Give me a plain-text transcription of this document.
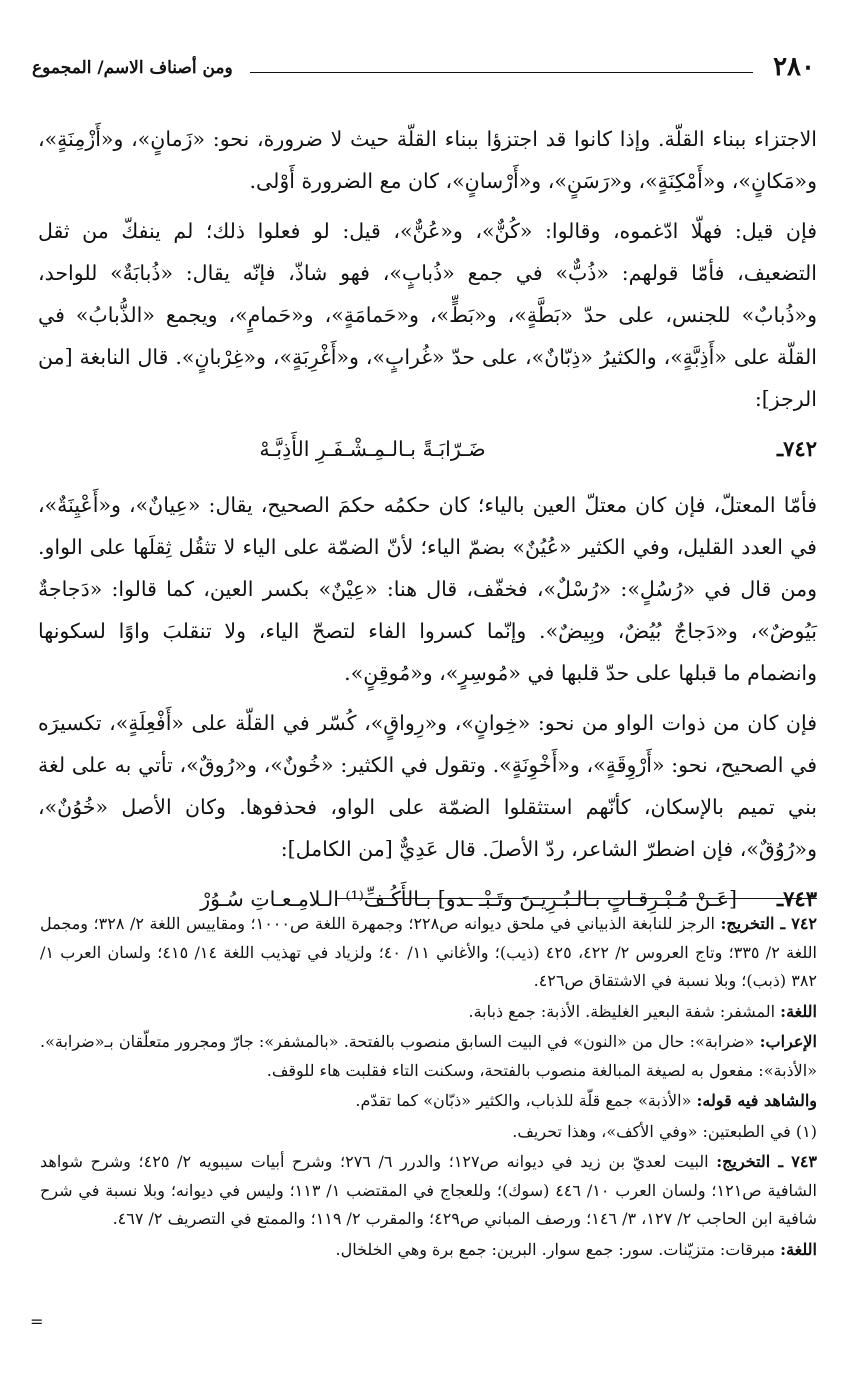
٢٨٠
ومن أصناف الاسم/ المجموع

الاجتزاء ببناء القلّة. وإذا كانوا قد اجتزؤا ببناء القلّة حيث لا ضرورة، نحو: «زَمانٍ»، و«أَزْمِنَةٍ»، و«مَكانٍ»، و«أَمْكِنَةٍ»، و«رَسَنٍ»، و«أَرْسانٍ»، كان مع الضرورة أَوْلى.

فإن قيل: فهلّا ادّغموه، وقالوا: «كُنٌّ»، و«عُنٌّ»، قيل: لو فعلوا ذلك؛ لم ينفكّ من ثقل التضعيف، فأمّا قولهم: «ذُبٌّ» في جمع «ذُبابٍ»، فهو شاذّ، فإنّه يقال: «ذُبابَةٌ» للواحد، و«ذُبابٌ» للجنس، على حدّ «بَطَّةٍ»، و«بَطٍّ»، و«حَمامَةٍ»، و«حَمامٍ»، ويجمع «الذُّبابُ» في القلّة على «أَذِبَّةٍ»، والكثيرُ «ذِبّانٌ»، على حدّ «غُرابٍ»، و«أَغْرِبَةٍ»، و«غِرْبانٍ». قال النابغة [من الرجز]:

٧٤٢ـ
ضَـرّابَـةً بـالـمِـشْـفَـرِ الأَذِبَّـهْ

فأمّا المعتلّ، فإن كان معتلّ العين بالياء؛ كان حكمُه حكمَ الصحيح، يقال: «عِيانٌ»، و«أَعْيِنَةٌ»، في العدد القليل، وفي الكثير «عُيُنٌ» بضمّ الياء؛ لأنّ الضمّة على الياء لا تثقُل ثِقلَها على الواو. ومن قال في «رُسُلٍ»: «رُسْلٌ»، فخفّف، قال هنا: «عِيْنٌ» بكسر العين، كما قالوا: «دَجاجةٌ بَيُوضٌ»، و«دَجاجٌ بُيُضٌ، وبِيضٌ». وإنّما كسروا الفاء لتصحّ الياء، ولا تنقلبَ واوًا لسكونها وانضمام ما قبلها على حدّ قلبها في «مُوسِرٍ»، و«مُوقِنٍ».

فإن كان من ذوات الواو من نحو: «خِوانٍ»، و«رِواقٍ»، كُسّر في القلّة على «أَفْعِلَةٍ»، تكسيرَه في الصحيح، نحو: «أَرْوِقَةٍ»، و«أَخْوِنَةٍ». وتقول في الكثير: «خُونٌ»، و«رُوقٌ»، تأتي به على لغة بني تميم بالإسكان، كأنّهم استثقلوا الضمّة على الواو، فحذفوها. وكان الأصل «خُوُنٌ»، و«رُوُقٌ»، فإن اضطرّ الشاعر، ردّ الأصلَ. قال عَدِيٌّ [من الكامل]:

٧٤٣ـ
[عَـنْ مُـبْـرِقـاتٍ بـالـبُـرِيـنَ وتَـبْـ ـدو] بـالأَكُـفِّ⁽¹⁾ الـلامِـعـاتِ سُـوُرْ

٧٤٢ ـ التخريج: الرجز للنابغة الذبياني في ملحق ديوانه ص٢٢٨؛ وجمهرة اللغة ص١٠٠٠؛ ومقاييس اللغة ٢/ ٣٢٨؛ ومجمل اللغة ٢/ ٣٣٥؛ وتاج العروس ٢/ ٤٢٢، ٤٢٥ (ذيب)؛ والأغاني ١١/ ٤٠؛ ولزياد في تهذيب اللغة ١٤/ ٤١٥؛ ولسان العرب ١/ ٣٨٢ (ذبب)؛ وبلا نسبة في الاشتقاق ص٤٢٦.

اللغة: المشفر: شفة البعير الغليظة. الأذبة: جمع ذبابة.

الإعراب: «ضرابة»: حال من «النون» في البيت السابق منصوب بالفتحة. «بالمشفر»: جارّ ومجرور متعلّقان بـ«ضرابة». «الأذبة»: مفعول به لصيغة المبالغة منصوب بالفتحة، وسكنت التاء فقلبت هاء للوقف.

والشاهد فيه قوله: «الأذبة» جمع قلّة للذباب، والكثير «ذبّان» كما تقدّم.

(١) في الطبعتين: «وفي الأكف»، وهذا تحريف.

٧٤٣ ـ التخريج: البيت لعديّ بن زيد في ديوانه ص١٢٧؛ والدرر ٦/ ٢٧٦؛ وشرح أبيات سيبويه ٢/ ٤٢٥؛ وشرح شواهد الشافية ص١٢١؛ ولسان العرب ١٠/ ٤٤٦ (سوك)؛ وللعجاج في المقتضب ١/ ١١٣؛ وليس في ديوانه؛ وبلا نسبة في شرح شافية ابن الحاجب ٢/ ١٢٧، ٣/ ١٤٦؛ ورصف المباني ص٤٢٩؛ والمقرب ٢/ ١١٩؛ والممتع في التصريف ٢/ ٤٦٧.

اللغة: مبرقات: متزيّنات. سور: جمع سوار. البرين: جمع برة وهي الخلخال.

=
